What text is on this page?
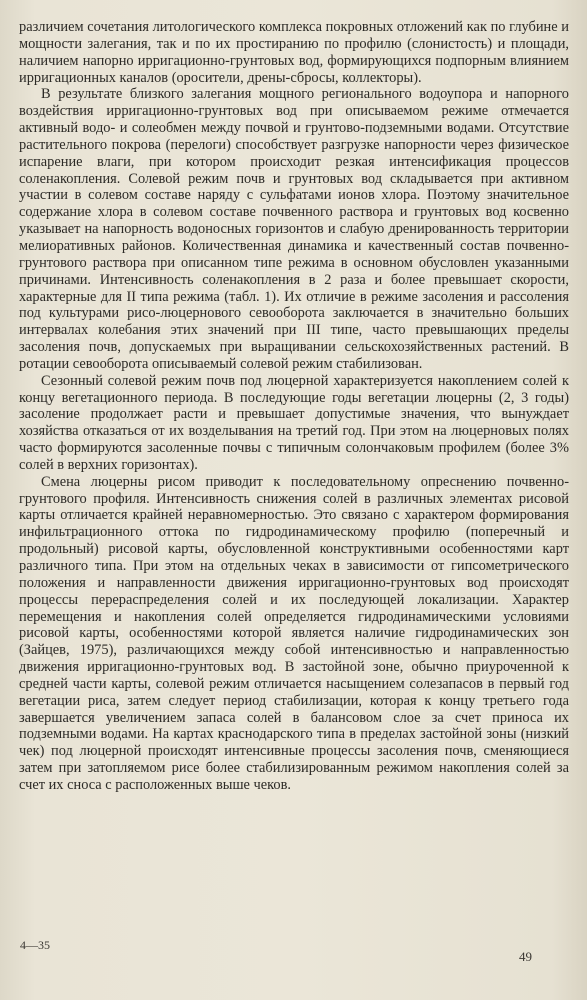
различием сочетания литологического комплекса покровных отложений как по глубине и мощности залегания, так и по их простиранию по профилю (слонистость) и площади, наличием напорно ирригационно-грунтовых вод, формирующихся подпорным влиянием ирригационных каналов (оросители, дрены-сбросы, коллекторы).

В результате близкого залегания мощного регионального водоупора и напорного воздействия ирригационно-грунтовых вод при описываемом режиме отмечается активный водо- и солеобмен между почвой и грунтово-подземными водами. Отсутствие растительного покрова (перелоги) способствует разгрузке напорности через физическое испарение влаги, при котором происходит резкая интенсификация процессов соленакопления. Солевой режим почв и грунтовых вод складывается при активном участии в солевом составе наряду с сульфатами ионов хлора. Поэтому значительное содержание хлора в солевом составе почвенного раствора и грунтовых вод косвенно указывает на напорность водоносных горизонтов и слабую дренированность территории мелиоративных районов. Количественная динамика и качественный состав почвенно-грунтового раствора при описанном типе режима в основном обусловлен указанными причинами. Интенсивность соленакопления в 2 раза и более превышает скорости, характерные для II типа режима (табл. 1). Их отличие в режиме засоления и рассоления под культурами рисо-люцернового севооборота заключается в значительно больших интервалах колебания этих значений при III типе, часто превышающих пределы засоления почв, допускаемых при выращивании сельскохозяйственных растений. В ротации севооборота описываемый солевой режим стабилизован.

Сезонный солевой режим почв под люцерной характеризуется накоплением солей к концу вегетационного периода. В последующие годы вегетации люцерны (2, 3 годы) засоление продолжает расти и превышает допустимые значения, что вынуждает хозяйства отказаться от их возделывания на третий год. При этом на люцерновых полях часто формируются засоленные почвы с типичным солончаковым профилем (более 3% солей в верхних горизонтах).

Смена люцерны рисом приводит к последовательному опреснению почвенно-грунтового профиля. Интенсивность снижения солей в различных элементах рисовой карты отличается крайней неравномерностью. Это связано с характером формирования инфильтрационного оттока по гидродинамическому профилю (поперечный и продольный) рисовой карты, обусловленной конструктивными особенностями карт различного типа. При этом на отдельных чеках в зависимости от гипсометрического положения и направленности движения ирригационно-грунтовых вод происходят процессы перераспределения солей и их последующей локализации. Характер перемещения и накопления солей определяется гидродинамическими условиями рисовой карты, особенностями которой является наличие гидродинамических зон (Зайцев, 1975), различающихся между собой интенсивностью и направленностью движения ирригационно-грунтовых вод. В застойной зоне, обычно приуроченной к средней части карты, солевой режим отличается насыщением солезапасов в первый год вегетации риса, затем следует период стабилизации, которая к концу третьего года завершается увеличением запаса солей в балансовом слое за счет приноса их подземными водами. На картах краснодарского типа в пределах застойной зоны (низкий чек) под люцерной происходят интенсивные процессы засоления почв, сменяющиеся затем при затопляемом рисе более стабилизированным режимом накопления солей за счет их сноса с расположенных выше чеков.

4—35
49
